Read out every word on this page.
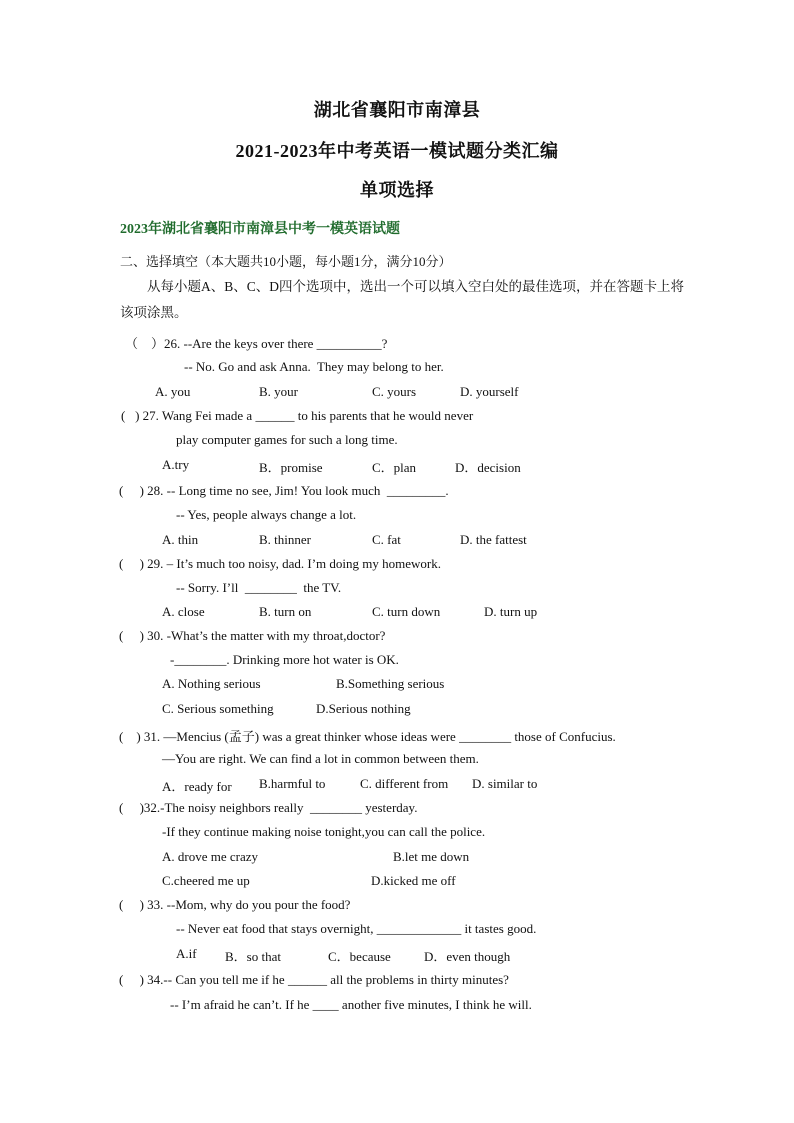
湖北省襄阳市南漳县
2021-2023年中考英语一模试题分类汇编
单项选择
2023年湖北省襄阳市南漳县中考一模英语试题
二、选择填空（本大题共10小题，每小题1分，满分10分）
从每小题A、B、C、D四个选项中，选出一个可以填入空白处的最佳选项，并在答题卡上将该项涂黑。
（    ）26. --Are the keys over there __________?
-- No. Go and ask Anna.  They may belong to her.
A. you	B. your	C. yours	D. yourself
(   ) 27. Wang Fei made a ______ to his parents that he would never
play computer games for such a long time.
A.try	B．promise	C．plan	D．decision
(     ) 28. -- Long time no see, Jim! You look much  _________.
-- Yes, people always change a lot.
A. thin	B. thinner	C. fat	D. the fattest
(     ) 29. – It’s much too noisy, dad. I’m doing my homework.
-- Sorry. I’ll  ________  the TV.
A. close	B. turn on	C. turn down	D. turn up
(     ) 30. -What’s the matter with my throat,doctor?
-________. Drinking more hot water is OK.
A. Nothing serious	B.Something serious
C. Serious something	D.Serious nothing
(    ) 31. —Mencius (孟子) was a great thinker whose ideas were ________ those of Confucius.
—You are right. We can find a lot in common between them.
A．ready for B.harmful to	C. different from D. similar to
(     )32.-The noisy neighbors really  ________ yesterday.
-If they continue making noise tonight,you can call the police.
A. drove me crazy	B.let me down
C.cheered me up	D.kicked me off
(     ) 33. --Mom, why do you pour the food?
-- Never eat food that stays overnight, _____________ it tastes good.
A.if B．so that	C．because	D．even though
(     ) 34.-- Can you tell me if he ______ all the problems in thirty minutes?
-- I’m afraid he can’t. If he ____ another five minutes, I think he will.
